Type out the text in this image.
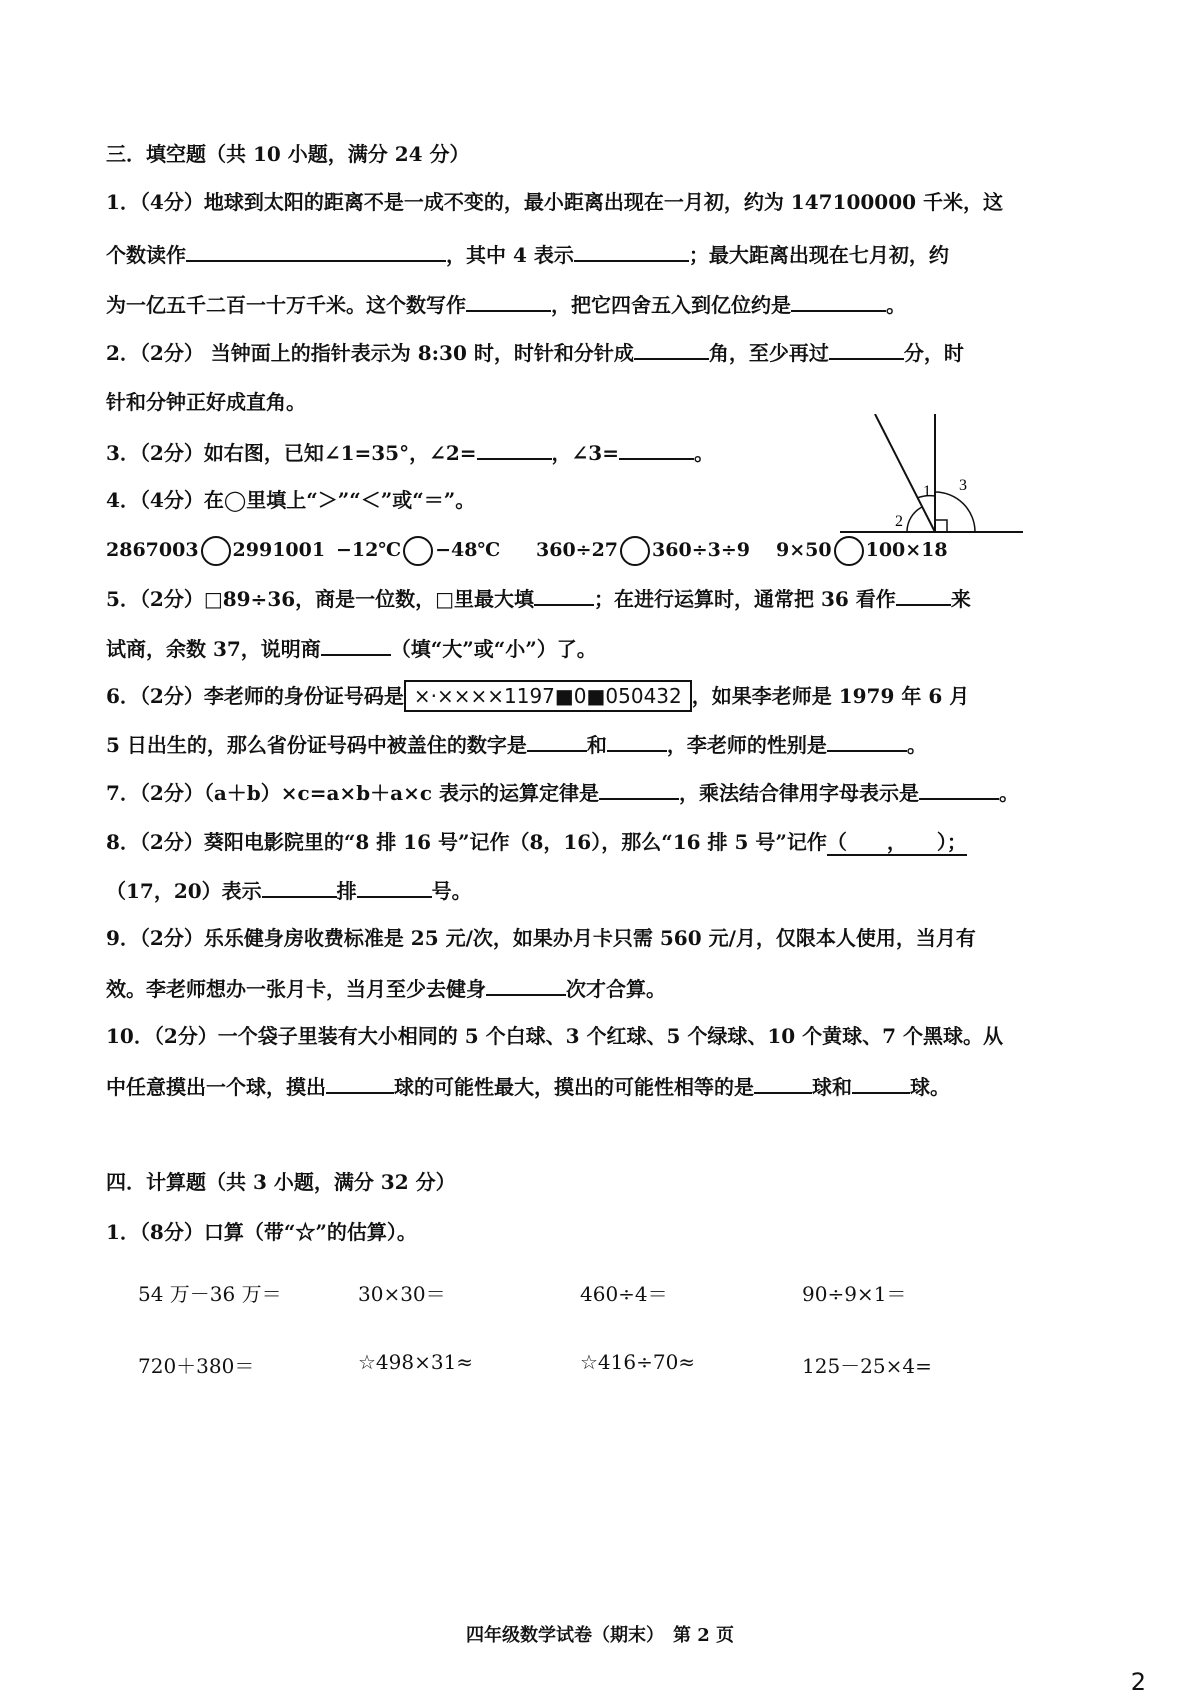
三．填空题（共 10 小题，满分 24 分）
1．（4分）地球到太阳的距离不是一成不变的，最小距离出现在一月初，约为 147100000 千米，这
个数读作	，其中 4 表示	；最大距离出现在七月初，约
为一亿五千二百一十万千米。这个数写作	，把它四舍五入到亿位约是	。
2．（2分） 当钟面上的指针表示为 8:30 时，时针和分针成	角，至少再过	分，时
针和分钟正好成直角。
3．（2分）如右图，已知∠1=35°，∠2=	，∠3=	。
1
2
3
4．（4分）在◯里填上“＞”“＜”或“＝”。
2867003 2991001 −12℃ −48℃ 360÷27 360÷3÷9 9×50 100×18
5．（2分）□89÷36，商是一位数，□里最大填	；在进行运算时，通常把 36 看作	来
试商，余数 37，说明商	（填“大”或“小”）了。
6．（2分）李老师的身份证号码是 ×·××××1197■0■050432 ，如果李老师是 1979 年 6 月
5 日出生的，那么省份证号码中被盖住的数字是	和	，李老师的性别是	。
7．（2分）（a＋b）×c=a×b＋a×c 表示的运算定律是	，乘法结合律用字母表示是	。
8．（2分）葵阳电影院里的“8 排 16 号”记作（8，16），那么“16 排 5 号”记作（　　，　　）；
（17，20）表示	排	号。
9．（2分）乐乐健身房收费标准是 25 元/次，如果办月卡只需 560 元/月，仅限本人使用，当月有
效。李老师想办一张月卡，当月至少去健身	次才合算。
10．（2分）一个袋子里装有大小相同的 5 个白球、3 个红球、5 个绿球、10 个黄球、7 个黑球。从
中任意摸出一个球，摸出	球的可能性最大，摸出的可能性相等的是	球和	球。
四．计算题（共 3 小题，满分 32 分）
1．（8分）口算（带“☆”的估算）。
54 万－36 万＝	30×30＝	460÷4＝	90÷9×1＝
720＋380＝	☆498×31≈	☆416÷70≈	125－25×4=
四年级数学试卷（期末）　第 2 页
2
